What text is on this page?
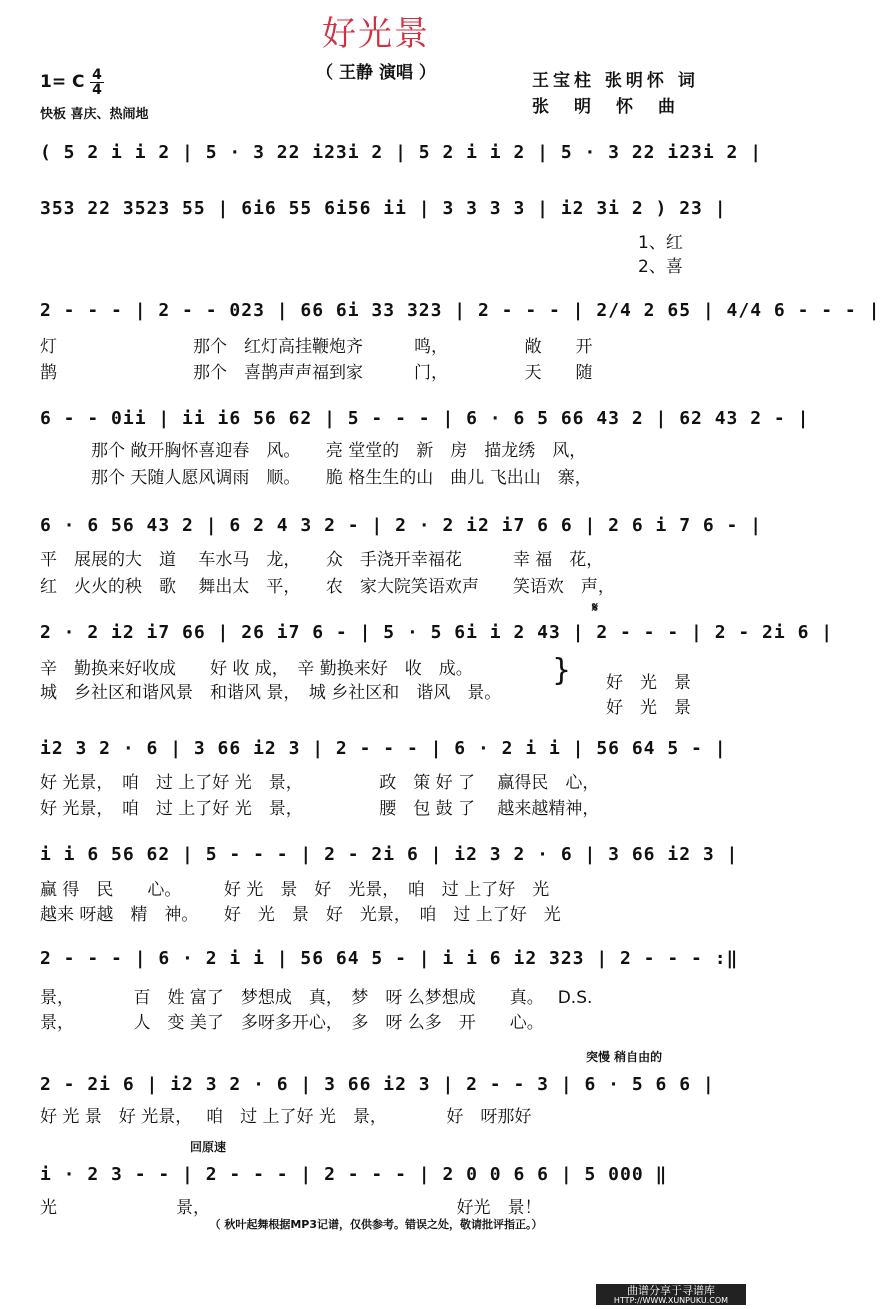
好光景
（ 王静 演唱 ）
1= C 4
4
快板 喜庆、热闹地
王宝柱 张明怀 词
张　明　怀　曲
( 5 2 i i 2 | 5 · 3 22 i23i 2 | 5 2 i i 2 | 5 · 3 22 i23i 2 |
353 22 3523 55 | 6i6 55 6i56 ii | 3 3 3 3 | i2 3i 2 ) 23 |
1、红
2、喜
2 - - - | 2 - - 023 | 66 6i 33 323 | 2 - - - | 2/4 2 65 | 4/4 6 - - - |
灯　　　　　　　　那个　红灯高挂鞭炮齐　　　鸣，　　　　　敞　　开
鹊　　　　　　　　那个　喜鹊声声福到家　　　门，　　　　　天　　随
6 - - 0ii | ii i6 56 62 | 5 - - - | 6 · 6 5 66 43 2 | 62 43 2 - |
　　　那个 敞开胸怀喜迎春　风。　　亮 堂堂的　新　房　描龙绣　风，
　　　那个 天随人愿风调雨　顺。　　脆 格生生的山　曲儿 飞出山　寨，
6 · 6 56 43 2 | 6 2 4 3 2 - | 2 · 2 i2 i7 6 6 | 2 6 i 7 6 - |
平　展展的大　道　 车水马　龙，　　众　手浇开幸福花　　　幸 福　花，
红　火火的秧　歌　 舞出太　平，　　农　家大院笑语欢声　　笑语欢　声，
𝄋
2 · 2 i2 i7 66 | 26 i7 6 - | 5 · 5 6i i 2 43 | 2 - - - | 2 - 2i 6 |
辛　勤换来好收成　　好 收 成，　辛 勤换来好　收　成。
城　乡社区和谐风景　和谐风 景，　城 乡社区和　谐风　景。
} 好　光　景
好　光　景
i2 3 2 · 6 | 3 66 i2 3 | 2 - - - | 6 · 2 i i | 56 64 5 - |
好 光景，　咱　过 上了好 光　景，　　　　　政　策 好 了　 赢得民　心，
好 光景，　咱　过 上了好 光　景，　　　　　腰　包 鼓 了　 越来越精神，
i i 6 56 62 | 5 - - - | 2 - 2i 6 | i2 3 2 · 6 | 3 66 i2 3 |
赢 得　民　　心。　　　好 光　景　好　光景，　咱　过 上了好　光
越来 呀越　精　神。　　好　光　景　好　光景，　咱　过 上了好　光
2 - - - | 6 · 2 i i | 56 64 5 - | i i 6 i2 323 | 2 - - - :‖
景，　　　　百　姓 富了　梦想成　真，　梦　呀 么梦想成　　真。　 D.S.
景，　　　　人　变 美了　多呀多开心，　多　呀 么多　开　　心。
突慢 稍自由的
2 - 2i 6 | i2 3 2 · 6 | 3 66 i2 3 | 2 - - 3 | 6 · 5 6 6 |
好 光 景　好 光景，　 咱　过 上了好 光　景，　　　　好　呀那好
回原速
i · 2 3 - - | 2 - - - | 2 - - - | 2 0 0 6 6 | 5 000 ‖
光　　　　　　　景，　　　　　　　　　　　　　　　好光　景！
（ 秋叶起舞根据MP3记谱，仅供参考。错误之处，敬请批评指正。）
曲谱分享于寻谱库
HTTP://WWW.XUNPUKU.COM
